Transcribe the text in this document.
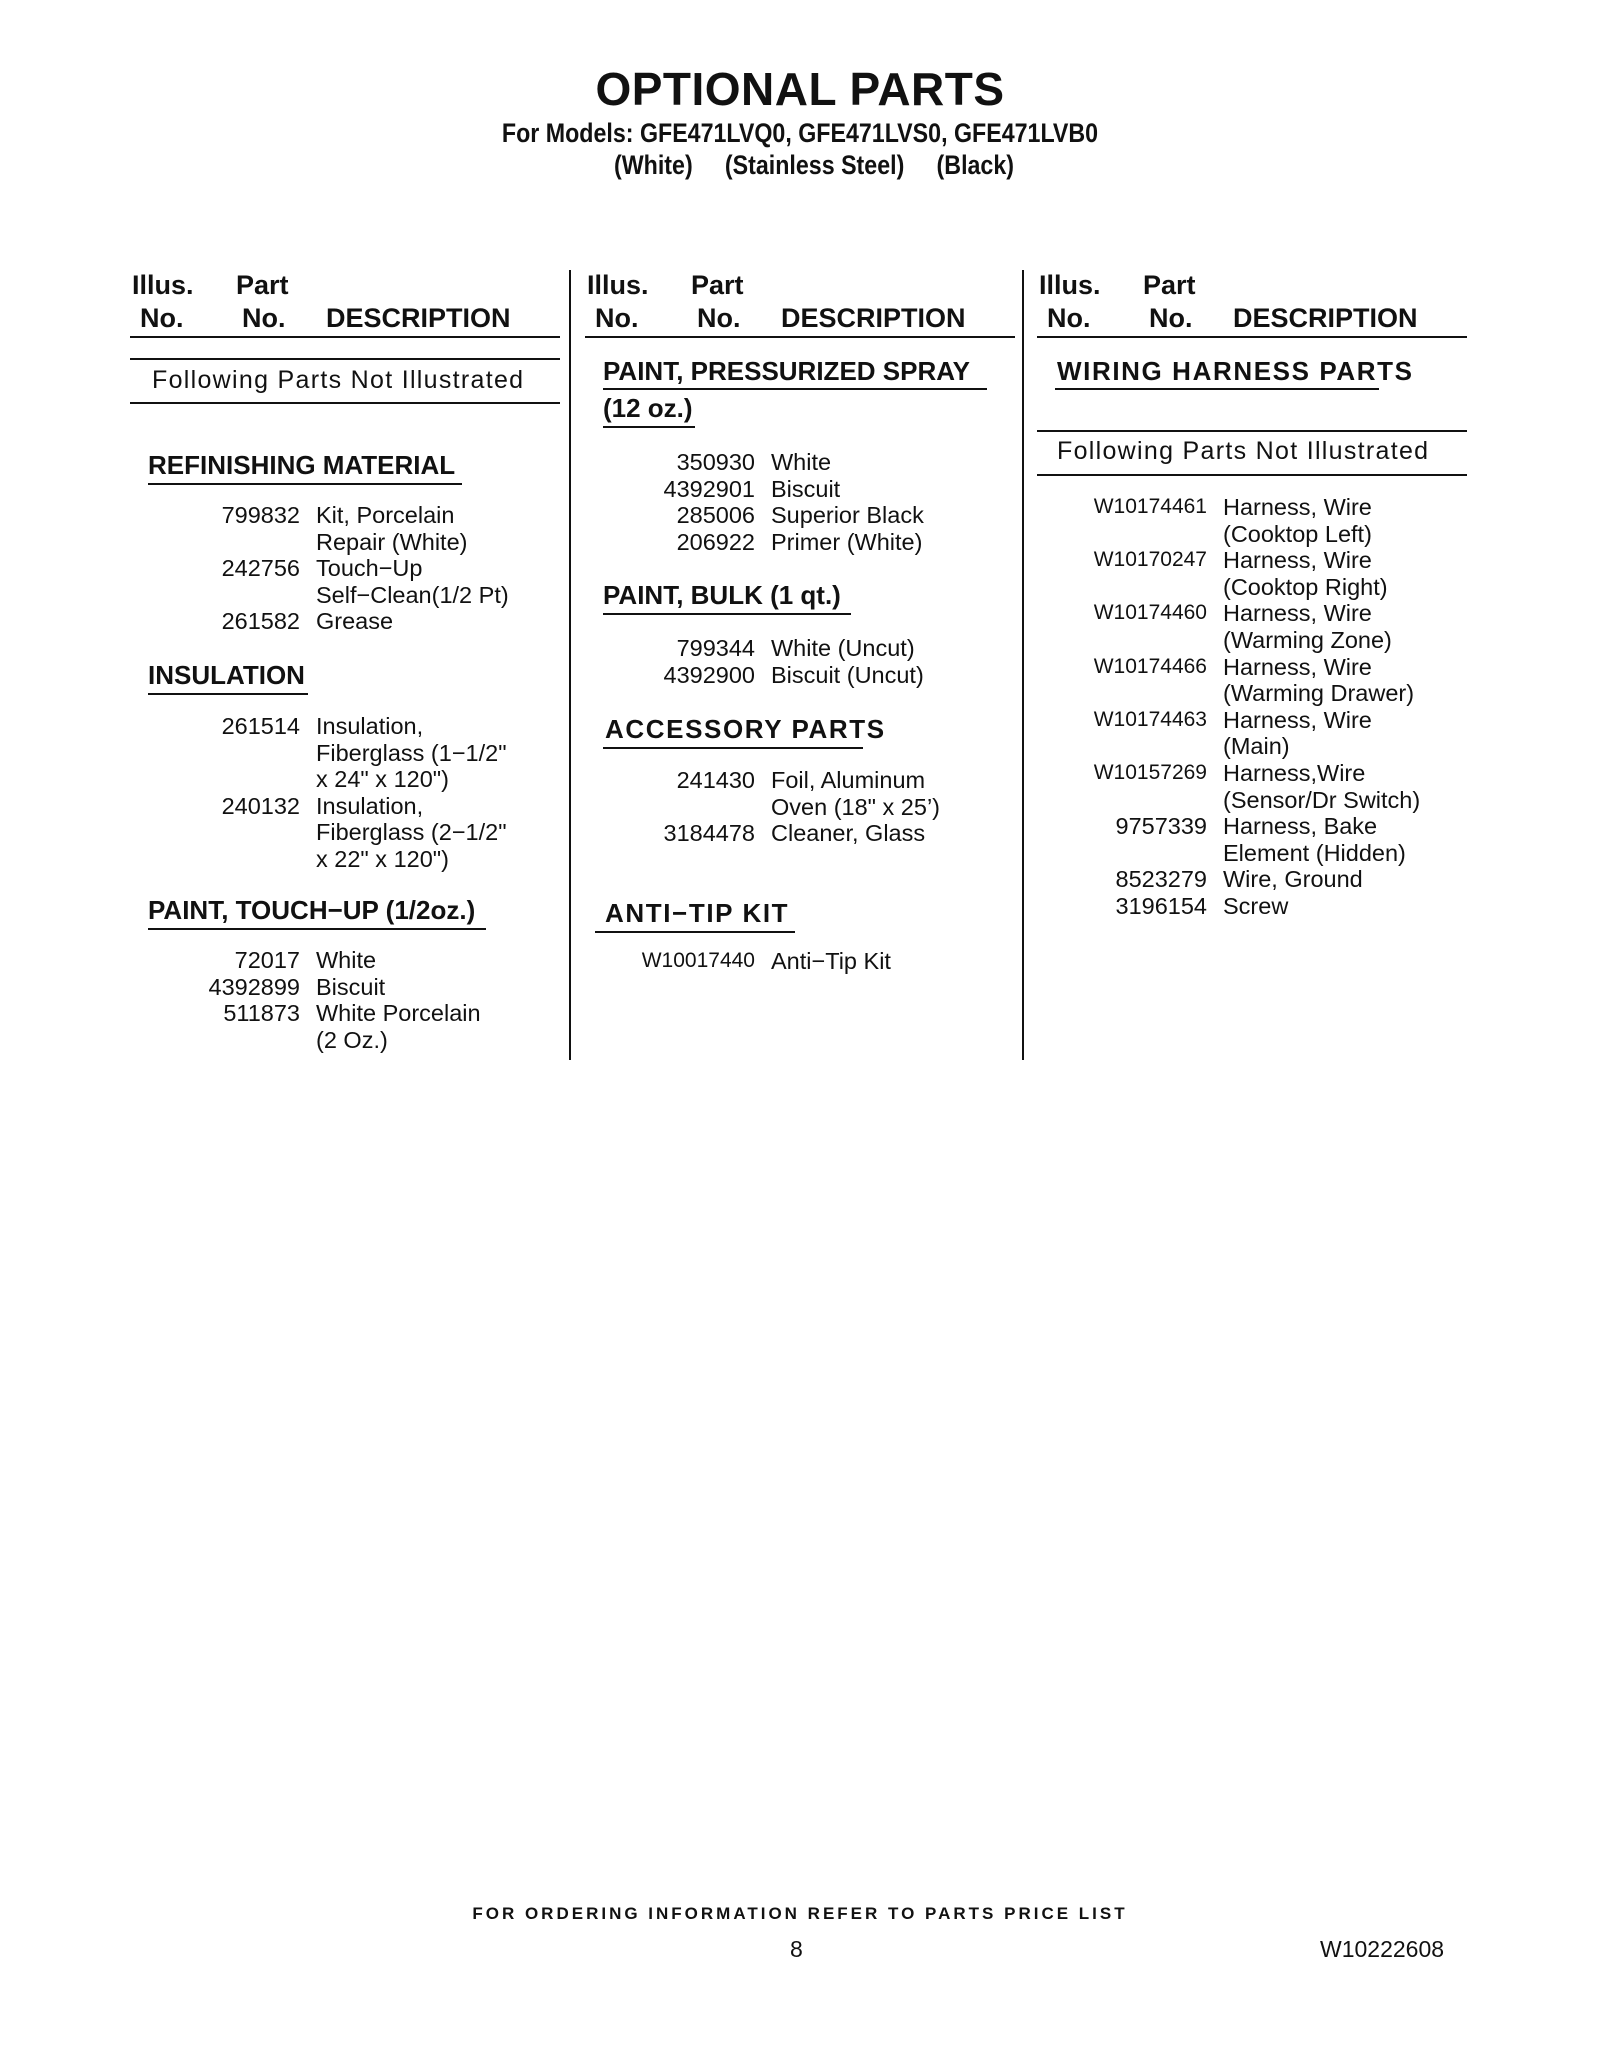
OPTIONAL PARTS
For Models: GFE471LVQ0, GFE471LVS0, GFE471LVB0
(White)     (Stainless Steel)     (Black)
Illus. Part
No. No. DESCRIPTION
Following Parts Not Illustrated
REFINISHING MATERIAL
799832 Kit, Porcelain
Repair (White)
242756 Touch−Up
Self−Clean(1/2 Pt)
261582 Grease
INSULATION
261514 Insulation,
Fiberglass (1−1/2"
x 24" x 120")
240132 Insulation,
Fiberglass (2−1/2"
x 22" x 120")
PAINT, TOUCH−UP (1/2oz.)
72017 White
4392899 Biscuit
511873 White Porcelain
(2 Oz.)
Illus. Part
No. No. DESCRIPTION
PAINT, PRESSURIZED SPRAY
(12 oz.)
350930 White
4392901 Biscuit
285006 Superior Black
206922 Primer (White)
PAINT, BULK (1 qt.)
799344 White (Uncut)
4392900 Biscuit (Uncut)
ACCESSORY PARTS
241430 Foil, Aluminum
Oven (18" x 25’)
3184478 Cleaner, Glass
ANTI−TIP KIT
W10017440 Anti−Tip Kit
Illus. Part
No. No. DESCRIPTION
WIRING HARNESS PARTS
Following Parts Not Illustrated
W10174461 Harness, Wire
(Cooktop Left)
W10170247 Harness, Wire
(Cooktop Right)
W10174460 Harness, Wire
(Warming Zone)
W10174466 Harness, Wire
(Warming Drawer)
W10174463 Harness, Wire
(Main)
W10157269 Harness,Wire
(Sensor/Dr Switch)
9757339 Harness, Bake
Element (Hidden)
8523279 Wire, Ground
3196154 Screw
FOR ORDERING INFORMATION REFER TO PARTS PRICE LIST
8	W10222608
